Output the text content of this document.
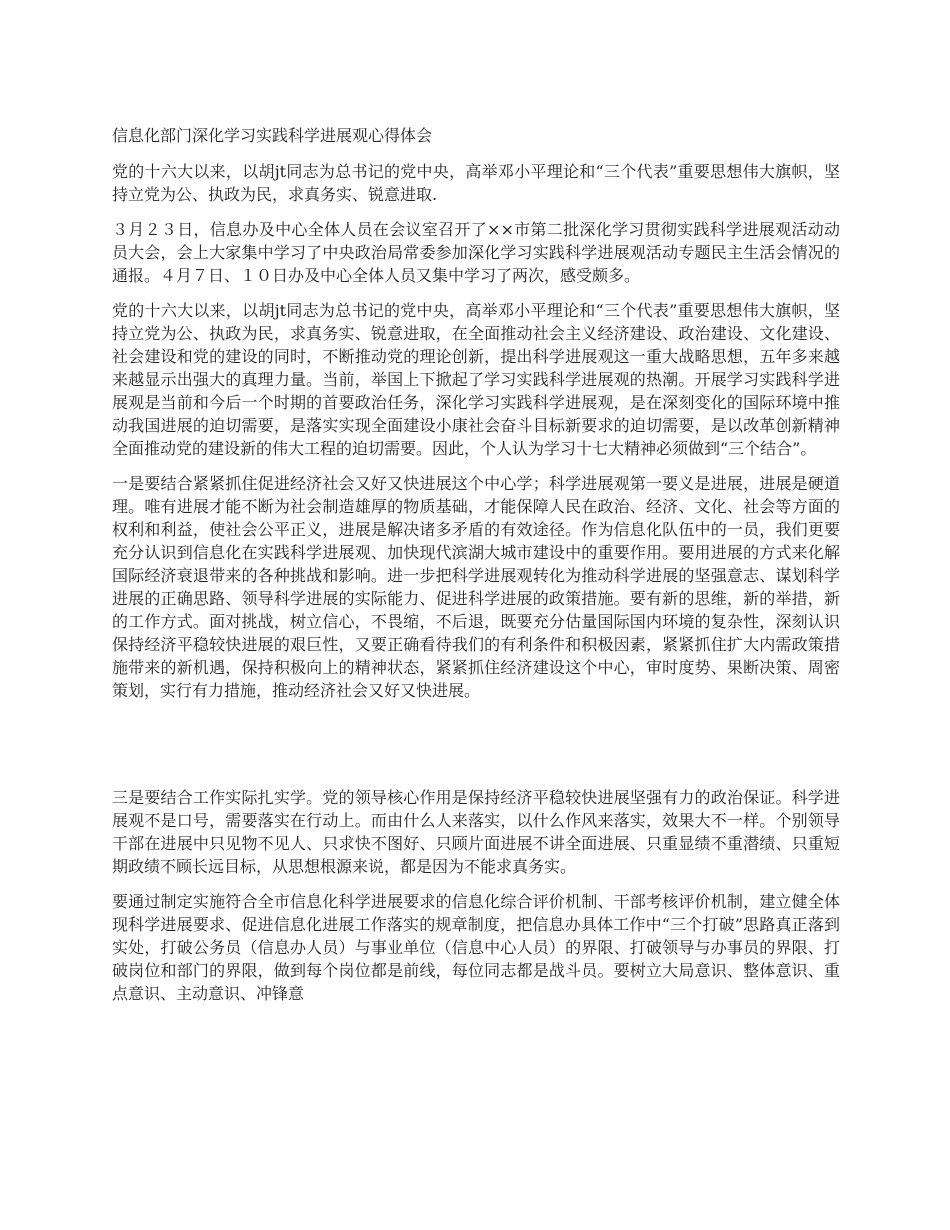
信息化部门深化学习实践科学进展观心得体会

党的十六大以来，以胡jt同志为总书记的党中央，高举邓小平理论和“三个代表”重要思想伟大旗帜，坚持立党为公、执政为民，求真务实、锐意进取.

３月２３日，信息办及中心全体人员在会议室召开了××市第二批深化学习贯彻实践科学进展观活动动员大会，会上大家集中学习了中央政治局常委参加深化学习实践科学进展观活动专题民主生活会情况的通报。４月７日、１０日办及中心全体人员又集中学习了两次，感受颇多。

党的十六大以来，以胡jt同志为总书记的党中央，高举邓小平理论和“三个代表”重要思想伟大旗帜，坚持立党为公、执政为民，求真务实、锐意进取，在全面推动社会主义经济建设、政治建设、文化建设、社会建设和党的建设的同时，不断推动党的理论创新，提出科学进展观这一重大战略思想，五年多来越来越显示出强大的真理力量。当前，举国上下掀起了学习实践科学进展观的热潮。开展学习实践科学进展观是当前和今后一个时期的首要政治任务，深化学习实践科学进展观，是在深刻变化的国际环境中推动我国进展的迫切需要，是落实实现全面建设小康社会奋斗目标新要求的迫切需要，是以改革创新精神全面推动党的建设新的伟大工程的迫切需要。因此，个人认为学习十七大精神必须做到“三个结合”。

一是要结合紧紧抓住促进经济社会又好又快进展这个中心学；科学进展观第一要义是进展，进展是硬道理。唯有进展才能不断为社会制造雄厚的物质基础，才能保障人民在政治、经济、文化、社会等方面的权利和利益，使社会公平正义，进展是解决诸多矛盾的有效途径。作为信息化队伍中的一员，我们更要充分认识到信息化在实践科学进展观、加快现代滨湖大城市建设中的重要作用。要用进展的方式来化解国际经济衰退带来的各种挑战和影响。进一步把科学进展观转化为推动科学进展的坚强意志、谋划科学进展的正确思路、领导科学进展的实际能力、促进科学进展的政策措施。要有新的思维，新的举措，新的工作方式。面对挑战，树立信心，不畏缩，不后退，既要充分估量国际国内环境的复杂性，深刻认识保持经济平稳较快进展的艰巨性，又要正确看待我们的有利条件和积极因素，紧紧抓住扩大内需政策措施带来的新机遇，保持积极向上的精神状态，紧紧抓住经济建设这个中心，审时度势、果断决策、周密策划，实行有力措施，推动经济社会又好又快进展。

三是要结合工作实际扎实学。党的领导核心作用是保持经济平稳较快进展坚强有力的政治保证。科学进展观不是口号，需要落实在行动上。而由什么人来落实，以什么作风来落实，效果大不一样。个别领导干部在进展中只见物不见人、只求快不图好、只顾片面进展不讲全面进展、只重显绩不重潜绩、只重短期政绩不顾长远目标，从思想根源来说，都是因为不能求真务实。

要通过制定实施符合全市信息化科学进展要求的信息化综合评价机制、干部考核评价机制，建立健全体现科学进展要求、促进信息化进展工作落实的规章制度，把信息办具体工作中“三个打破”思路真正落到实处，打破公务员（信息办人员）与事业单位（信息中心人员）的界限、打破领导与办事员的界限、打破岗位和部门的界限，做到每个岗位都是前线，每位同志都是战斗员。要树立大局意识、整体意识、重点意识、主动意识、冲锋意
